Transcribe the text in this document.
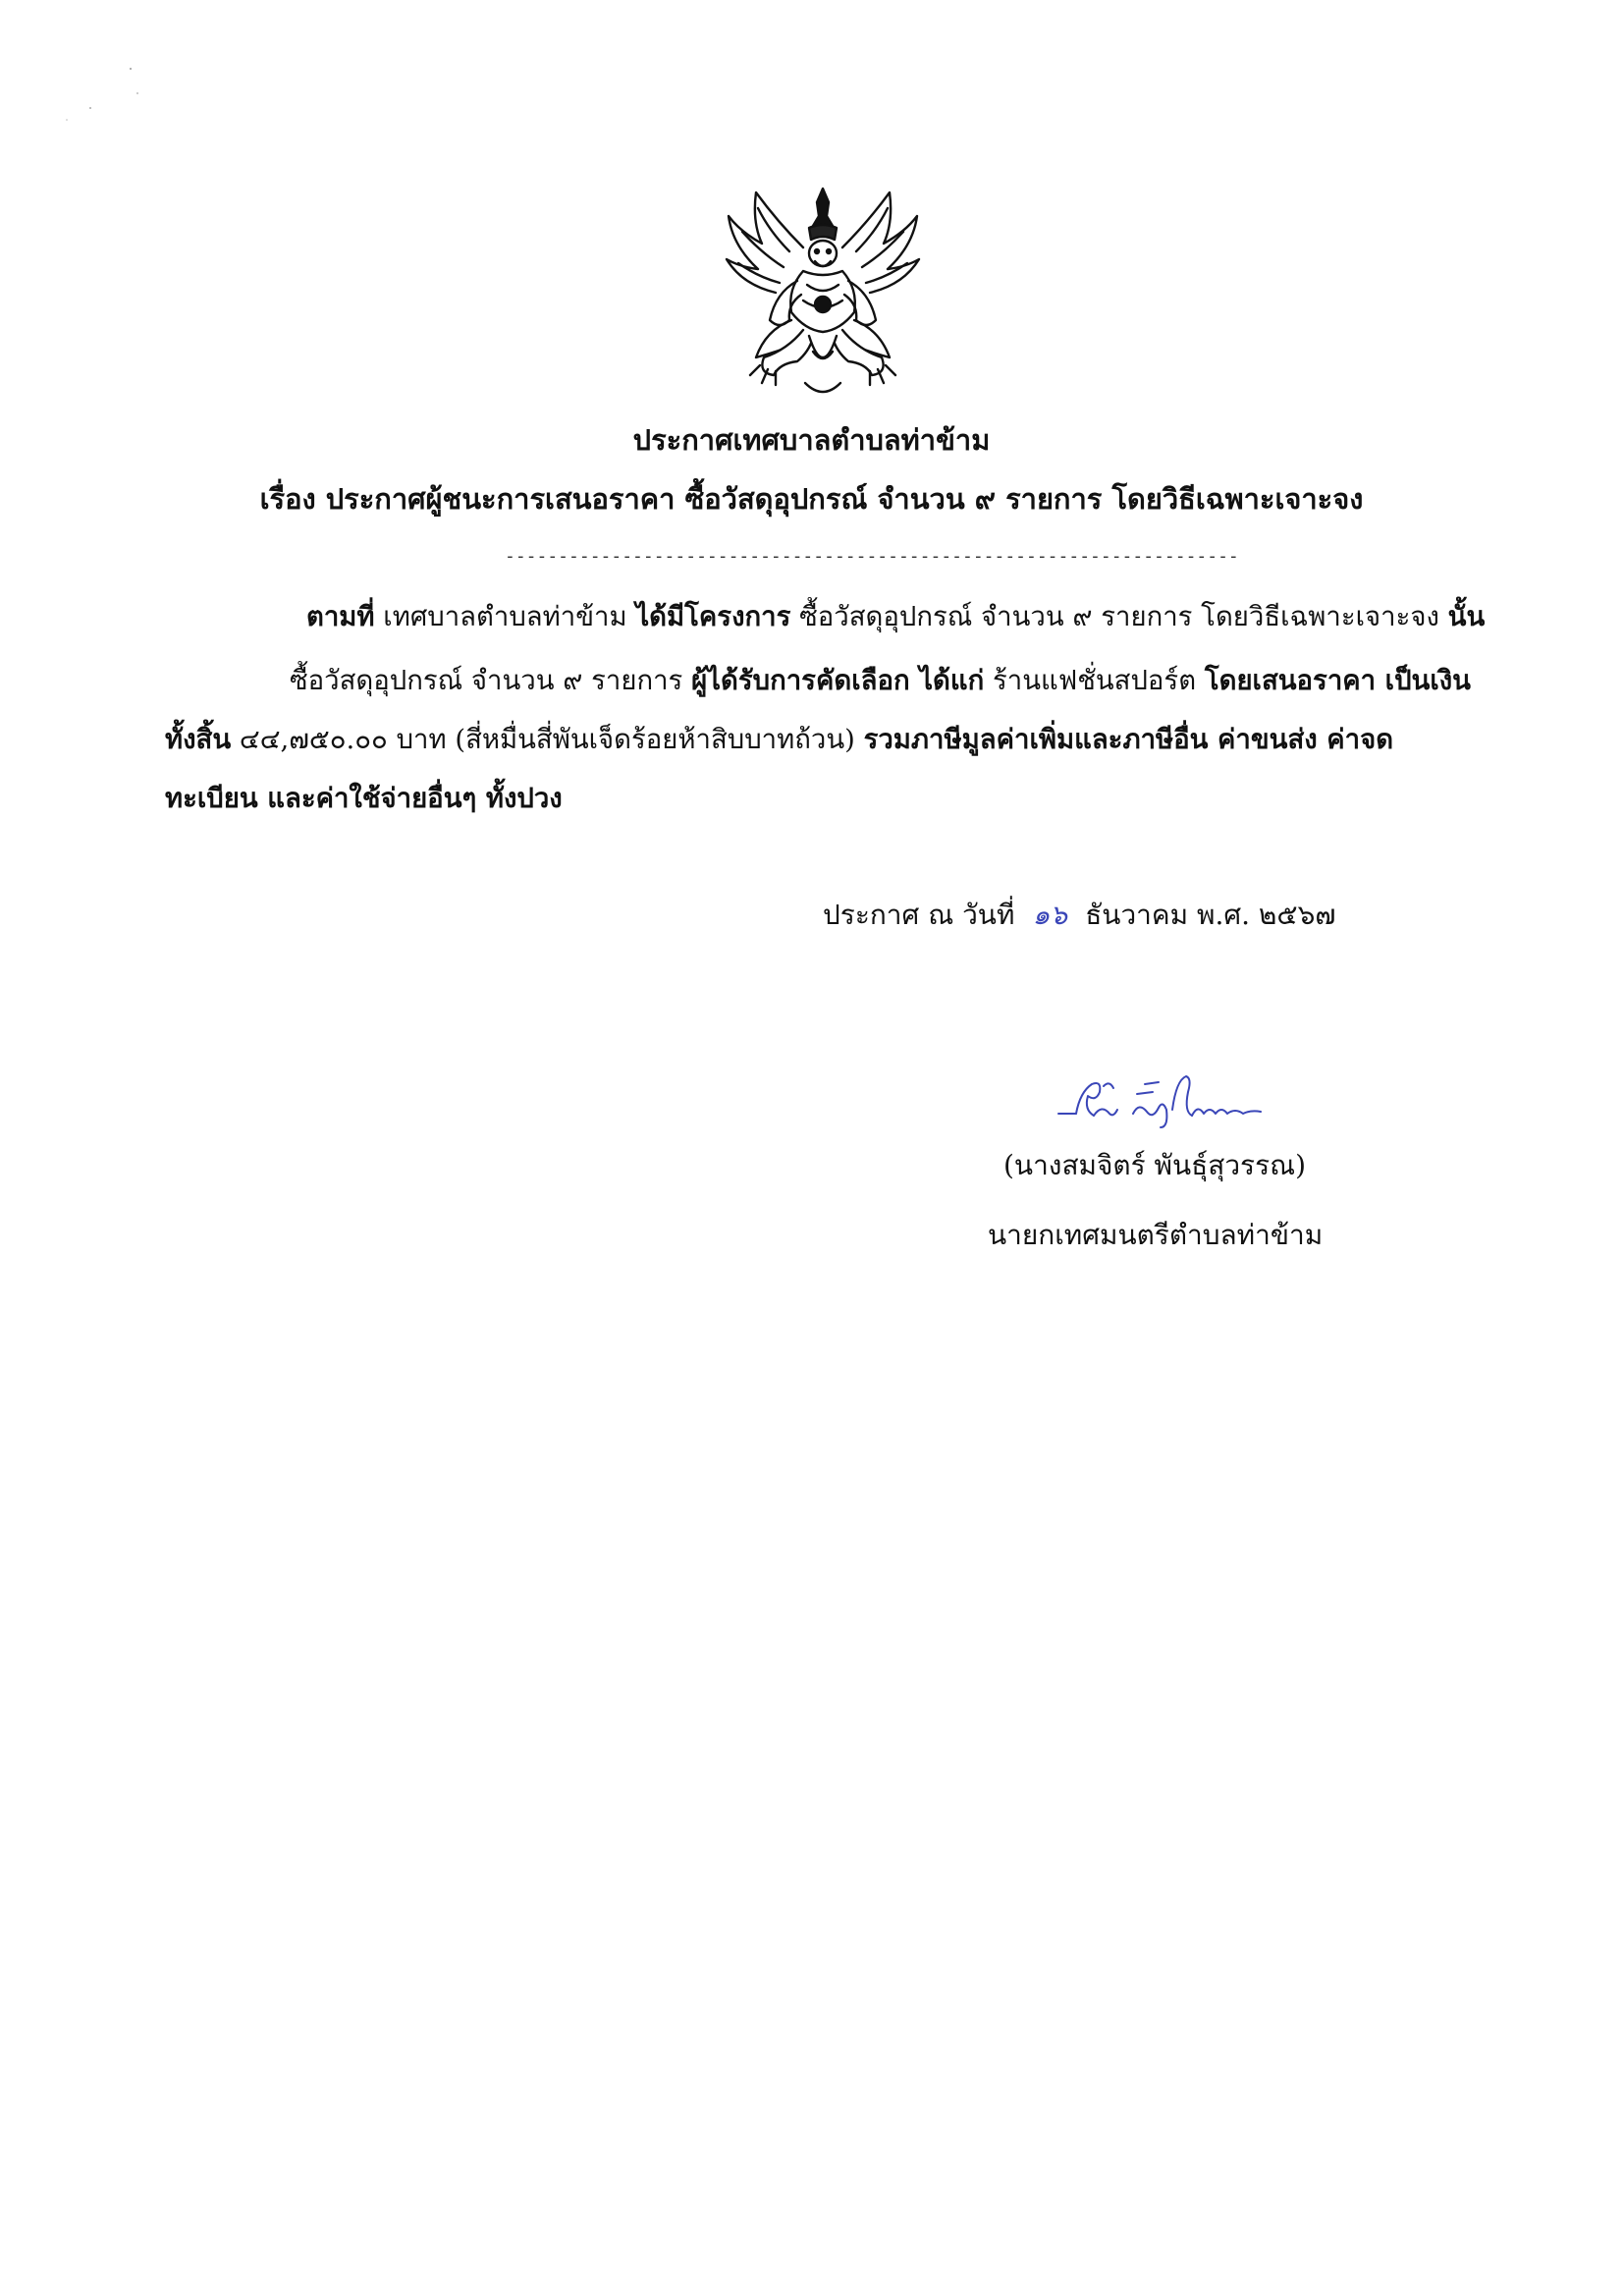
ประกาศเทศบาลตำบลท่าข้าม
เรื่อง ประกาศผู้ชนะการเสนอราคา ซื้อวัสดุอุปกรณ์ จำนวน ๙ รายการ โดยวิธีเฉพาะเจาะจง
---------------------------------------------------------------------
ตามที่ เทศบาลตำบลท่าข้าม ได้มีโครงการ ซื้อวัสดุอุปกรณ์ จำนวน ๙ รายการ โดยวิธีเฉพาะเจาะจง นั้น
ซื้อวัสดุอุปกรณ์ จำนวน ๙ รายการ ผู้ได้รับการคัดเลือก ได้แก่ ร้านแฟชั่นสปอร์ต โดยเสนอราคา เป็นเงิน
ทั้งสิ้น ๔๔,๗๕๐.๐๐ บาท (สี่หมื่นสี่พันเจ็ดร้อยห้าสิบบาทถ้วน) รวมภาษีมูลค่าเพิ่มและภาษีอื่น ค่าขนส่ง ค่าจด
ทะเบียน และค่าใช้จ่ายอื่นๆ ทั้งปวง
ประกาศ ณ วันที่ ๑๖ ธันวาคม พ.ศ. ๒๕๖๗
(นางสมจิตร์ พันธุ์สุวรรณ)
นายกเทศมนตรีตำบลท่าข้าม
